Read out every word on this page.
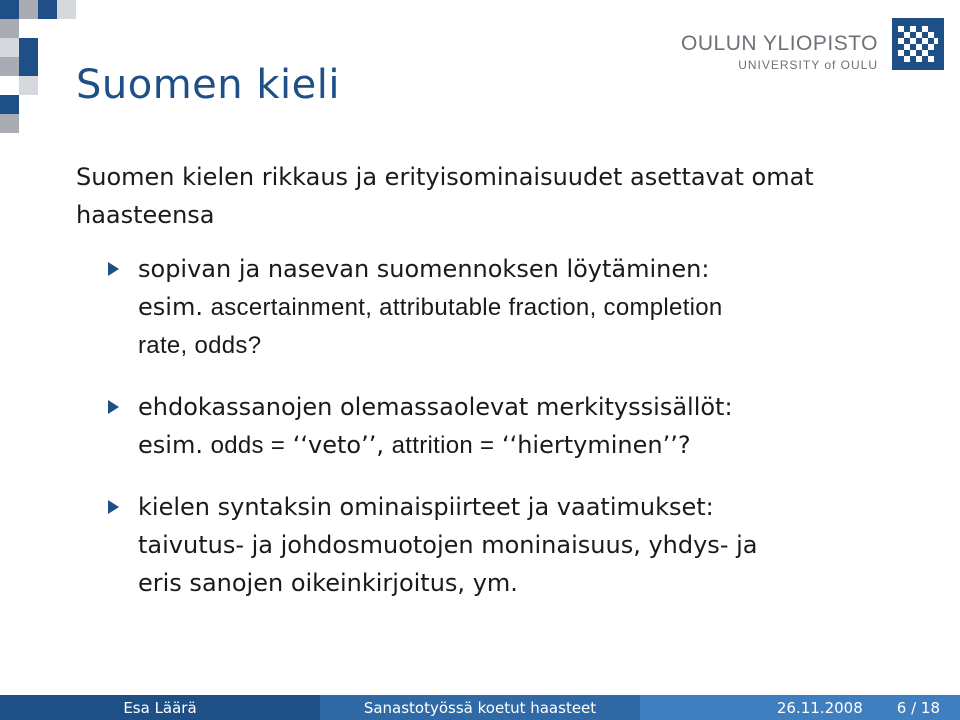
Suomen kieli
OULUN YLIOPISTO
UNIVERSITY of OULU
Suomen kielen rikkaus ja erityisominaisuudet asettavat omat
haasteensa
sopivan ja nasevan suomennoksen löytäminen:
esim. ascertainment, attributable fraction, completion
rate, odds?
ehdokassanojen olemassaolevat merkityssisällöt:
esim. odds = ‘‘veto’’, attrition = ‘‘hiertyminen’’?
kielen syntaksin ominaispiirteet ja vaatimukset:
taivutus- ja johdosmuotojen moninaisuus, yhdys- ja
eris sanojen oikeinkirjoitus, ym.
Esa Läärä	Sanastotyössä koetut haasteet	26.11.2008 6 / 18
